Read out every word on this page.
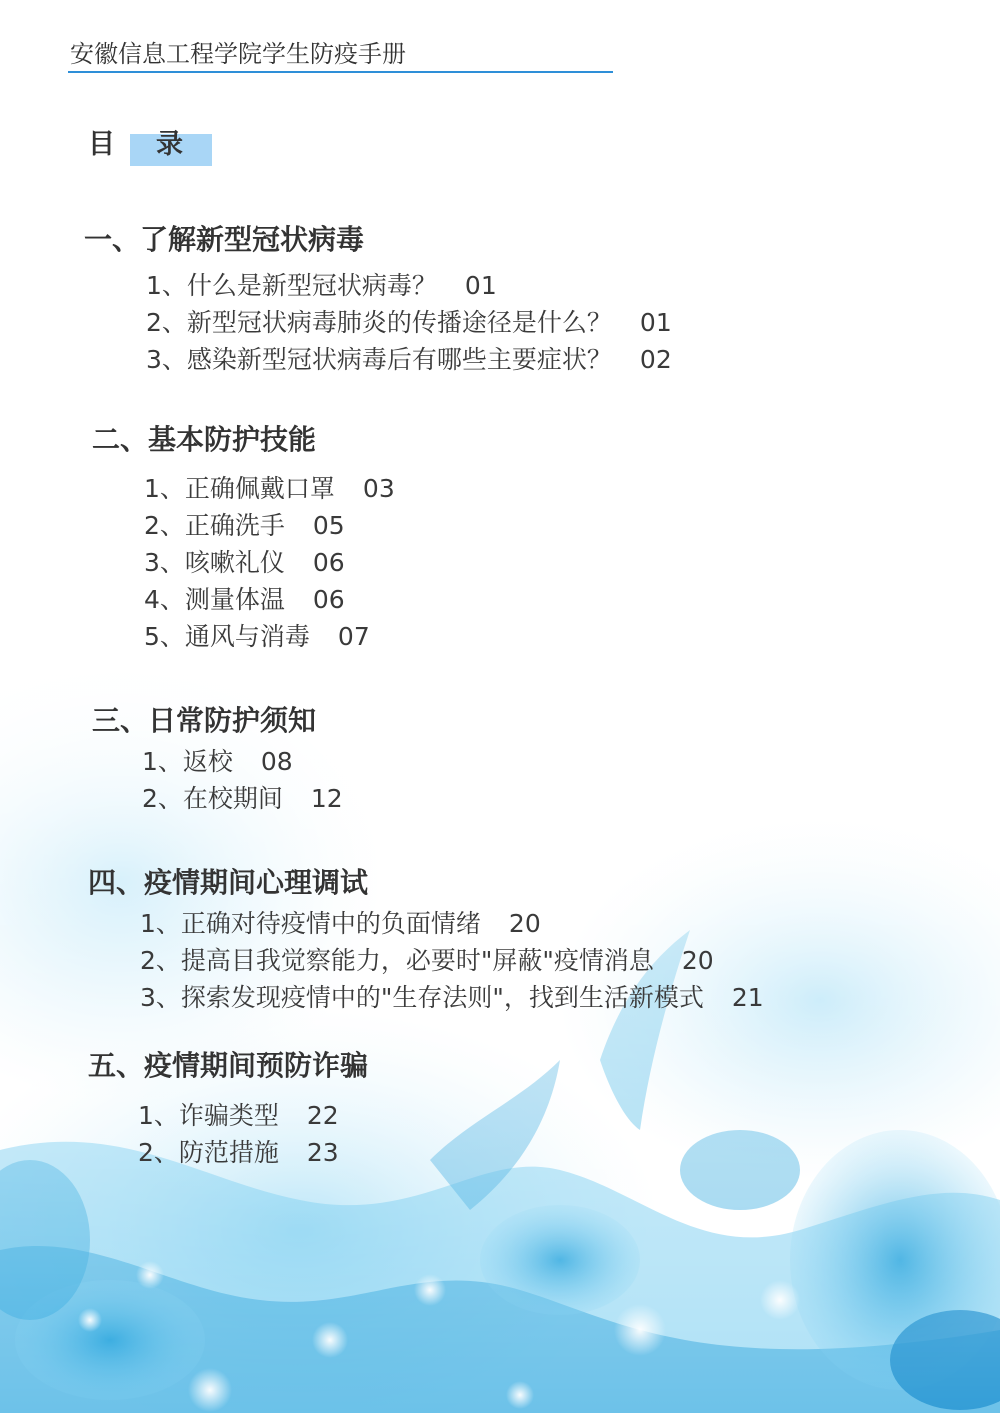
安徽信息工程学院学生防疫手册
目 录
一、了解新型冠状病毒
1、什么是新型冠状病毒？ 01
2、新型冠状病毒肺炎的传播途径是什么？ 01
3、感染新型冠状病毒后有哪些主要症状？ 02
二、基本防护技能
1、正确佩戴口罩 03
2、正确洗手 05
3、咳嗽礼仪 06
4、测量体温 06
5、通风与消毒 07
三、日常防护须知
1、返校 08
2、在校期间 12
四、疫情期间心理调试
1、正确对待疫情中的负面情绪 20
2、提高目我觉察能力，必要时"屏蔽"疫情消息 20
3、探索发现疫情中的"生存法则"，找到生活新模式 21
五、疫情期间预防诈骗
1、诈骗类型 22
2、防范措施 23
